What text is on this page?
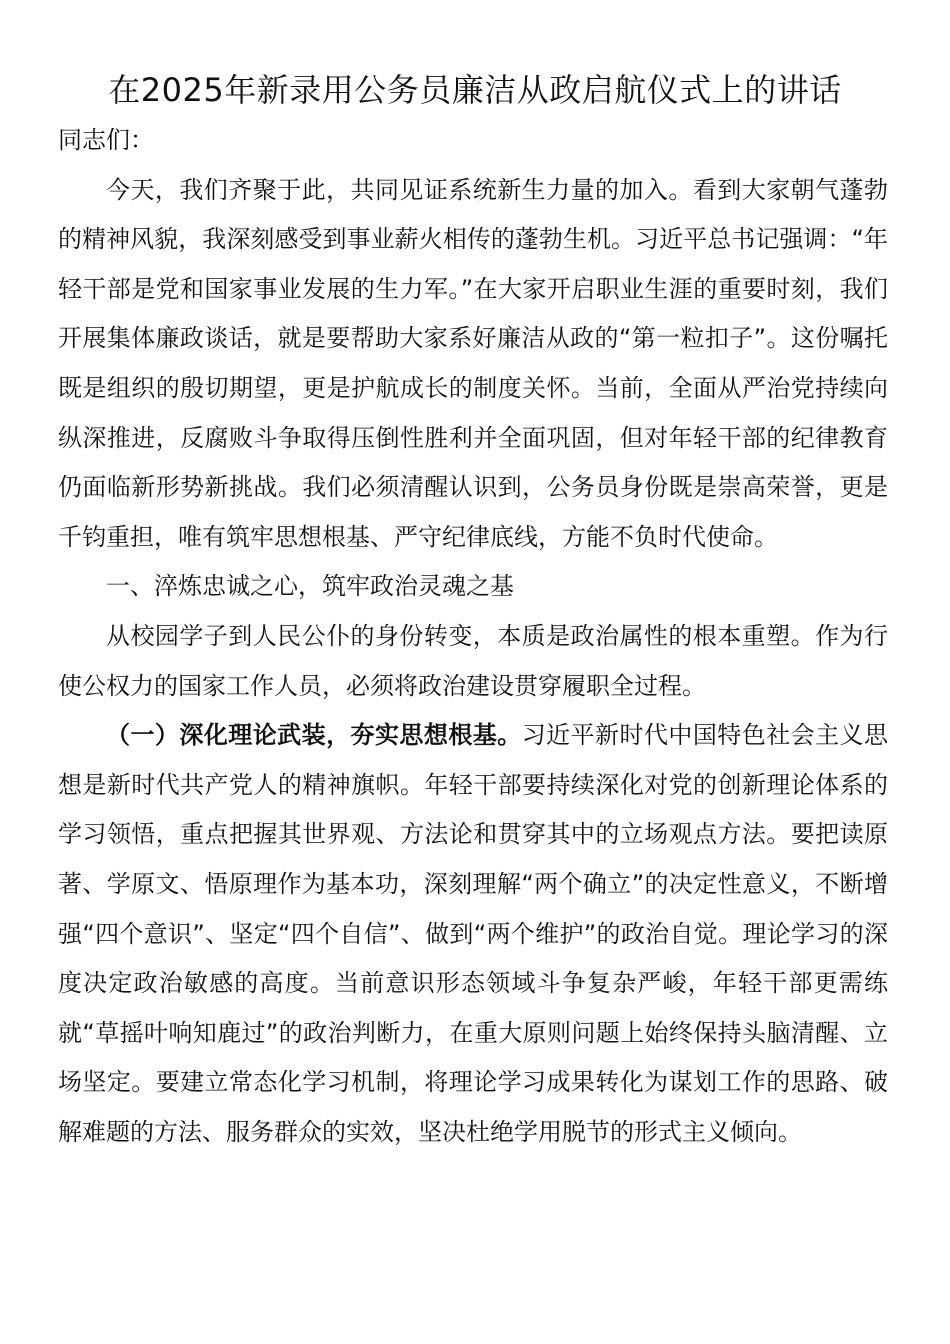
在2025年新录用公务员廉洁从政启航仪式上的讲话

同志们：

今天，我们齐聚于此，共同见证系统新生力量的加入。看到大家朝气蓬勃的精神风貌，我深刻感受到事业薪火相传的蓬勃生机。习近平总书记强调：“年轻干部是党和国家事业发展的生力军。”在大家开启职业生涯的重要时刻，我们开展集体廉政谈话，就是要帮助大家系好廉洁从政的“第一粒扣子”。这份嘱托既是组织的殷切期望，更是护航成长的制度关怀。当前，全面从严治党持续向纵深推进，反腐败斗争取得压倒性胜利并全面巩固，但对年轻干部的纪律教育仍面临新形势新挑战。我们必须清醒认识到，公务员身份既是崇高荣誉，更是千钧重担，唯有筑牢思想根基、严守纪律底线，方能不负时代使命。

一、淬炼忠诚之心，筑牢政治灵魂之基

从校园学子到人民公仆的身份转变，本质是政治属性的根本重塑。作为行使公权力的国家工作人员，必须将政治建设贯穿履职全过程。

（一）深化理论武装，夯实思想根基。习近平新时代中国特色社会主义思想是新时代共产党人的精神旗帜。年轻干部要持续深化对党的创新理论体系的学习领悟，重点把握其世界观、方法论和贯穿其中的立场观点方法。要把读原著、学原文、悟原理作为基本功，深刻理解“两个确立”的决定性意义，不断增强“四个意识”、坚定“四个自信”、做到“两个维护”的政治自觉。理论学习的深度决定政治敏感的高度。当前意识形态领域斗争复杂严峻，年轻干部更需练就“草摇叶响知鹿过”的政治判断力，在重大原则问题上始终保持头脑清醒、立场坚定。要建立常态化学习机制，将理论学习成果转化为谋划工作的思路、破解难题的方法、服务群众的实效，坚决杜绝学用脱节的形式主义倾向。
